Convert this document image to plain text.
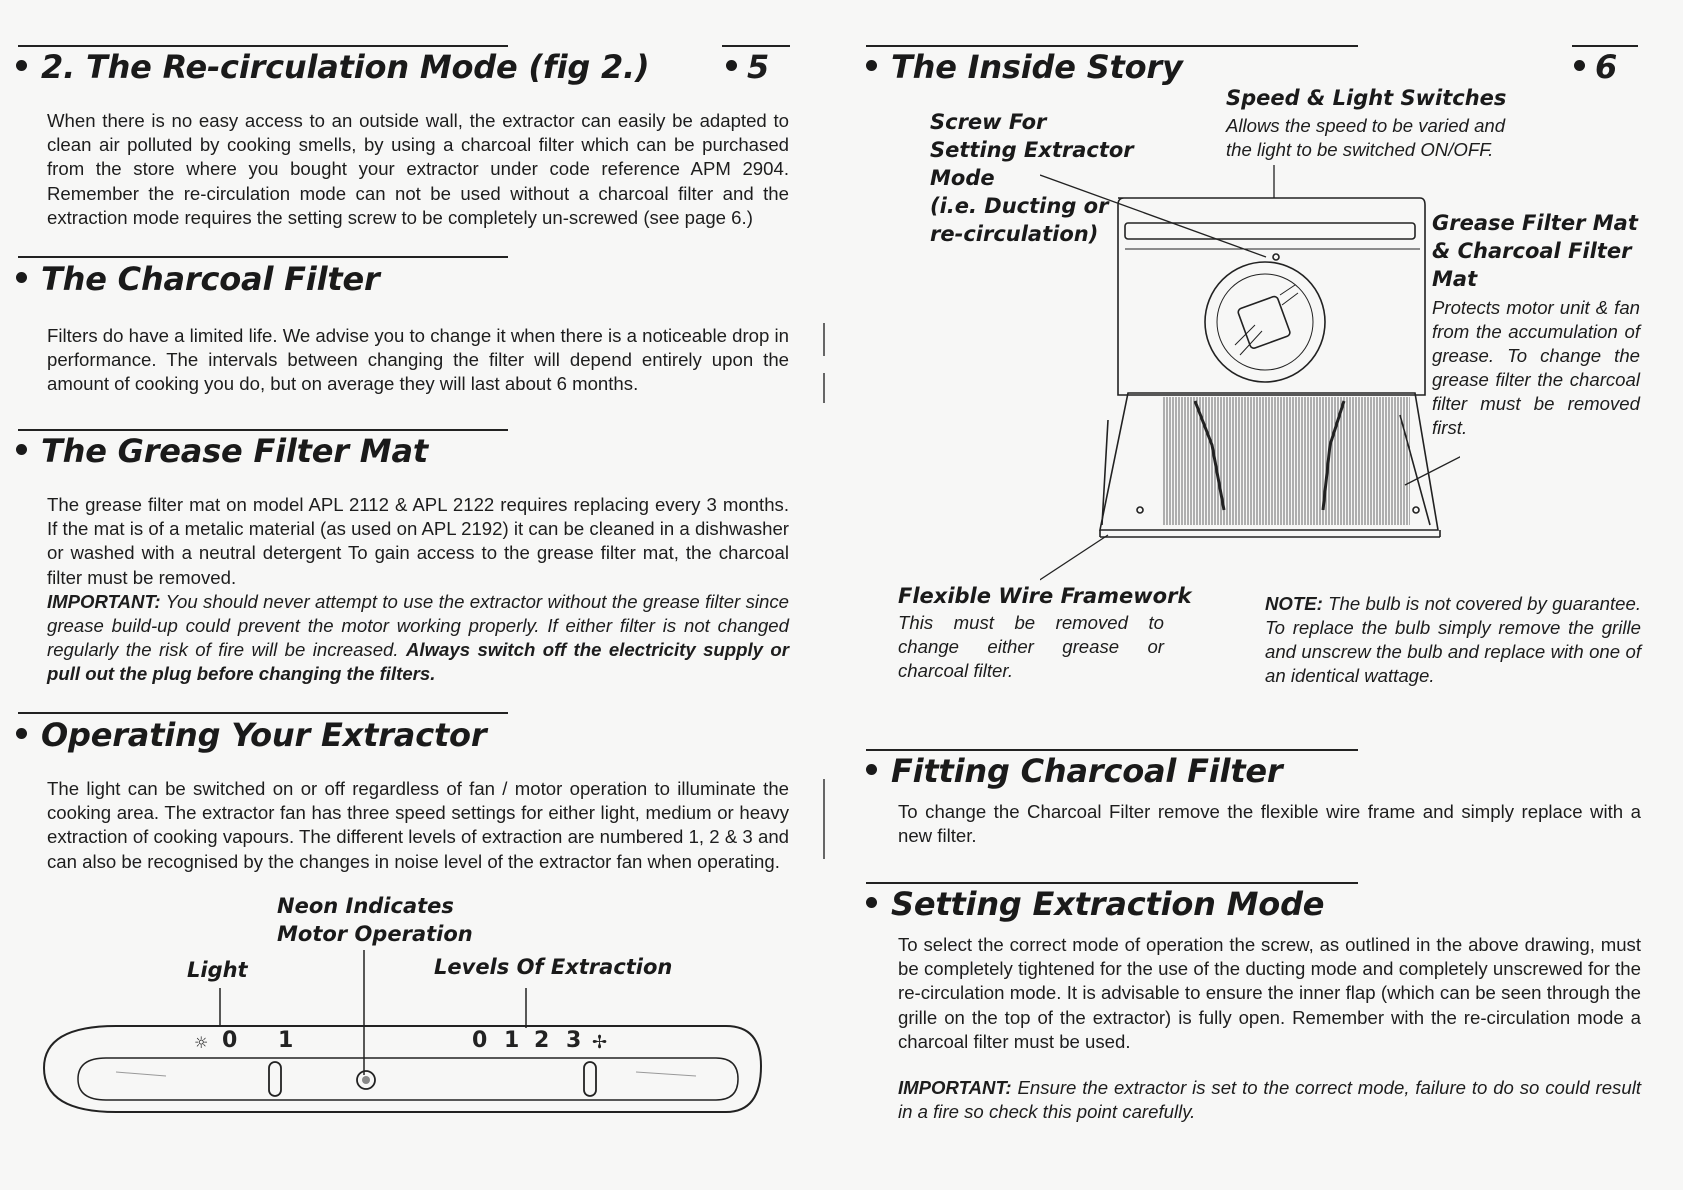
2. The Re-circulation Mode (fig 2.)	5

When there is no easy access to an outside wall, the extractor can easily be adapted to clean air polluted by cooking smells, by using a charcoal filter which can be purchased from the store where you bought your extractor under code reference APM 2904. Remember the re-circulation mode can not be used without a charcoal filter and the extraction mode requires the setting screw to be completely un-screwed (see page 6.)

The Charcoal Filter

Filters do have a limited life. We advise you to change it when there is a noticeable drop in performance. The intervals between changing the filter will depend entirely upon the amount of cooking you do, but on average they will last about 6 months.

The Grease Filter Mat

The grease filter mat on model APL 2112 & APL 2122 requires replacing every 3 months. If the mat is of a metalic material (as used on APL 2192) it can be cleaned in a dishwasher or washed with a neutral detergent To gain access to the grease filter mat, the charcoal filter must be removed.

IMPORTANT: You should never attempt to use the extractor without the grease filter since grease build-up could prevent the motor working properly. If either filter is not changed regularly the risk of fire will be increased. Always switch off the electricity supply or pull out the plug before changing the filters.

Operating Your Extractor

The light can be switched on or off regardless of fan / motor operation to illuminate the cooking area. The extractor fan has three speed settings for either light, medium or heavy extraction of cooking vapours. The different levels of extraction are numbered 1, 2 & 3 and can also be recognised by the changes in noise level of the extractor fan when operating.

Neon Indicates
Motor Operation
Light	Levels Of Extraction
☼ 0 1	0 1 2 3 ✢
The Inside Story	6
Screw For
Setting Extractor
Mode
(i.e. Ducting or
re-circulation)
Speed & Light Switches
Allows the speed to be varied and
the light to be switched ON/OFF.
Grease Filter Mat
& Charcoal Filter
Mat
Protects motor unit & fan from the accumulation of grease. To change the grease filter the charcoal filter must be removed first.
Flexible Wire Framework
This must be removed to change either grease or charcoal filter.
NOTE: The bulb is not covered by guarantee. To replace the bulb simply remove the grille and unscrew the bulb and replace with one of an identical wattage.
Fitting Charcoal Filter

To change the Charcoal Filter remove the flexible wire frame and simply replace with a new filter.

Setting Extraction Mode

To select the correct mode of operation the screw, as outlined in the above drawing, must be completely tightened for the use of the ducting mode and completely unscrewed for the re-circulation mode. It is advisable to ensure the inner flap (which can be seen through the grille on the top of the extractor) is fully open. Remember with the re-circulation mode a charcoal filter must be used.

IMPORTANT: Ensure the extractor is set to the correct mode, failure to do so could result in a fire so check this point carefully.
